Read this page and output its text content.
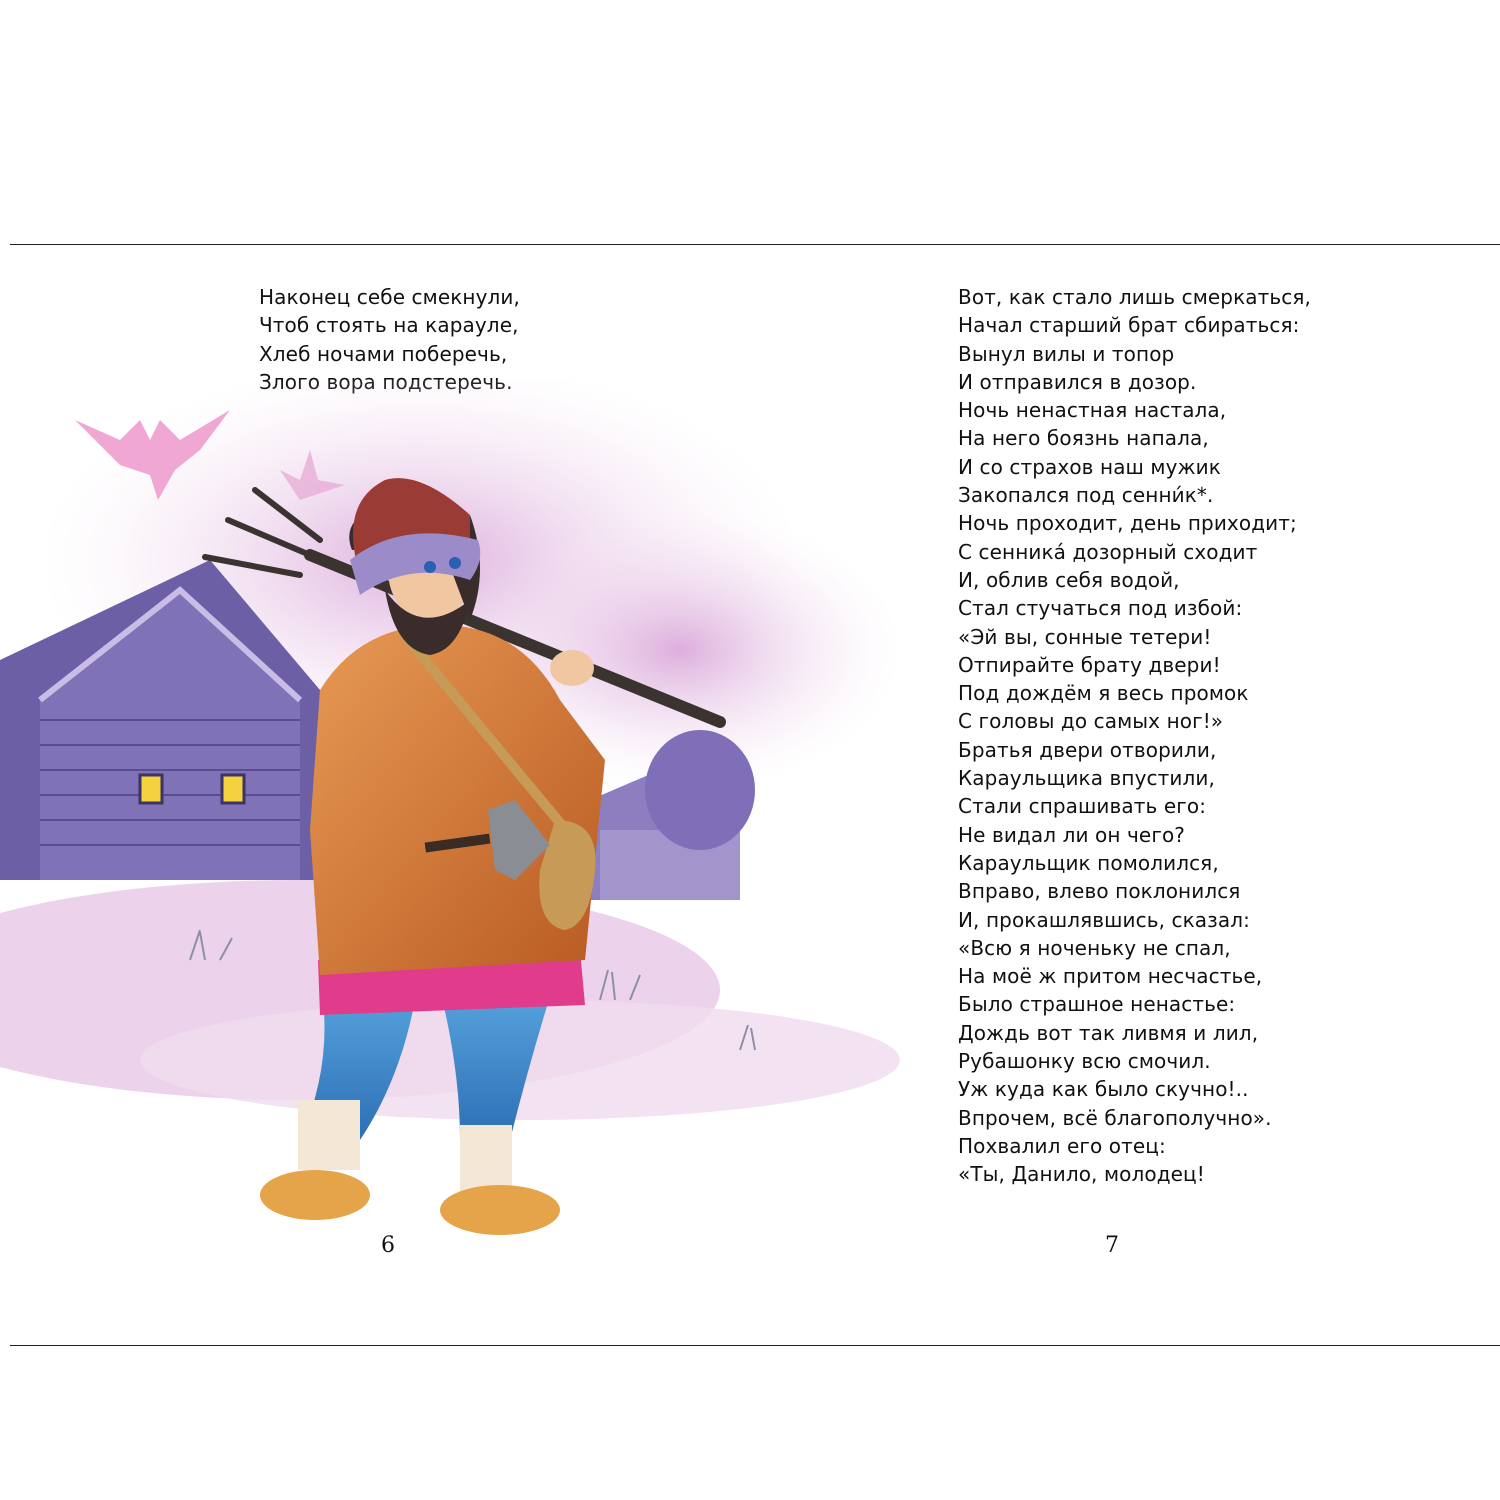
Наконец себе смекнули,
Чтоб стоять на карауле,
Хлеб ночами поберечь,
Вот, как стало лишь смеркаться,
Начал старший брат сбираться:
Вынул вилы и топор
И отправился в дозор.
Ночь ненастная настала,
На него боязнь напала,
И со страхов наш мужик
Закопался под сенни́к*.
Ночь проходит, день приходит;
С сенника́ дозорный сходит
И, облив себя водой,
Стал стучаться под избой:
«Эй вы, сонные тетери!
Отпирайте брату двери!
Под дождём я весь промок
С головы до самых ног!»
Братья двери отворили,
Караульщика впустили,
Стали спрашивать его:
Не видал ли он чего?
Караульщик помолился,
Вправо, влево поклонился
И, прокашлявшись, сказал:
«Всю я ноченьку не спал,
На моё ж притом несчастье,
Было страшное ненастье:
Дождь вот так ливмя и лил,
Рубашонку всю смочил.
Уж куда как было скучно!..
Впрочем, всё благополучно».
Похвалил его отец:
«Ты, Данило, молодец!
6	7
